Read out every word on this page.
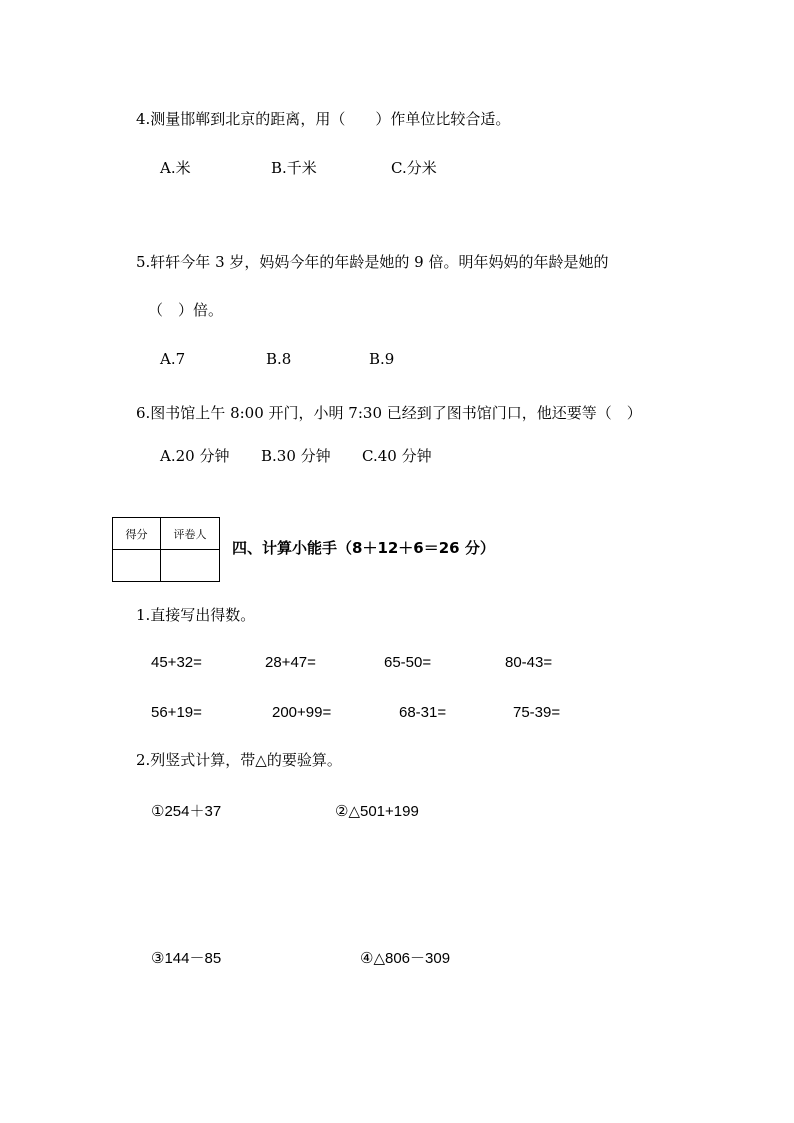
4.测量邯郸到北京的距离，用（　　）作单位比较合适。
A.米	B.千米	C.分米
5.轩轩今年 3 岁，妈妈今年的年龄是她的 9 倍。明年妈妈的年龄是她的
（　）倍。
A.7	B.8	B.9
6.图书馆上午 8:00 开门，小明 7:30 已经到了图书馆门口，他还要等（　）
A.20 分钟 B.30 分钟 C.40 分钟
得分	评卷人

四、计算小能手（8＋12＋6＝26 分）
1.直接写出得数。
45+32=	28+47=	65-50=	80-43=
56+19=	200+99=	68-31=	75-39=
2.列竖式计算，带△的要验算。
①254＋37	②△501+199
③144－85	④△806－309
